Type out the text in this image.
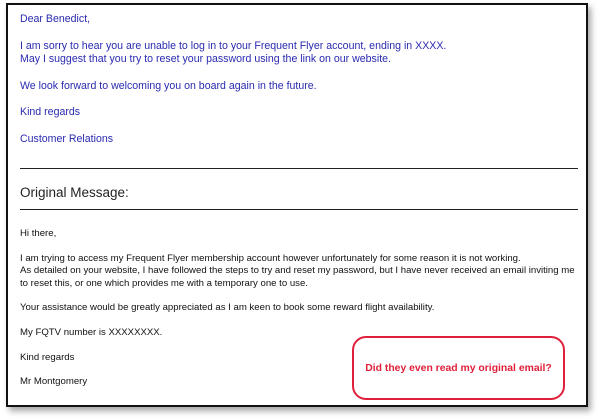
Dear Benedict,

I am sorry to hear you are unable to log in to your Frequent Flyer account, ending in XXXX.

May I suggest that you try to reset your password using the link on our website.

We look forward to welcoming you on board again in the future.

Kind regards

Customer Relations

Original Message:

Hi there,

I am trying to access my Frequent Flyer membership account however unfortunately for some reason it is not working.

As detailed on your website, I have followed the steps to try and reset my password, but I have never received an email inviting me to reset this, or one which provides me with a temporary one to use.

Your assistance would be greatly appreciated as I am keen to book some reward flight availability.

My FQTV number is XXXXXXXX.

Kind regards

Mr Montgomery

Did they even read my original email?
